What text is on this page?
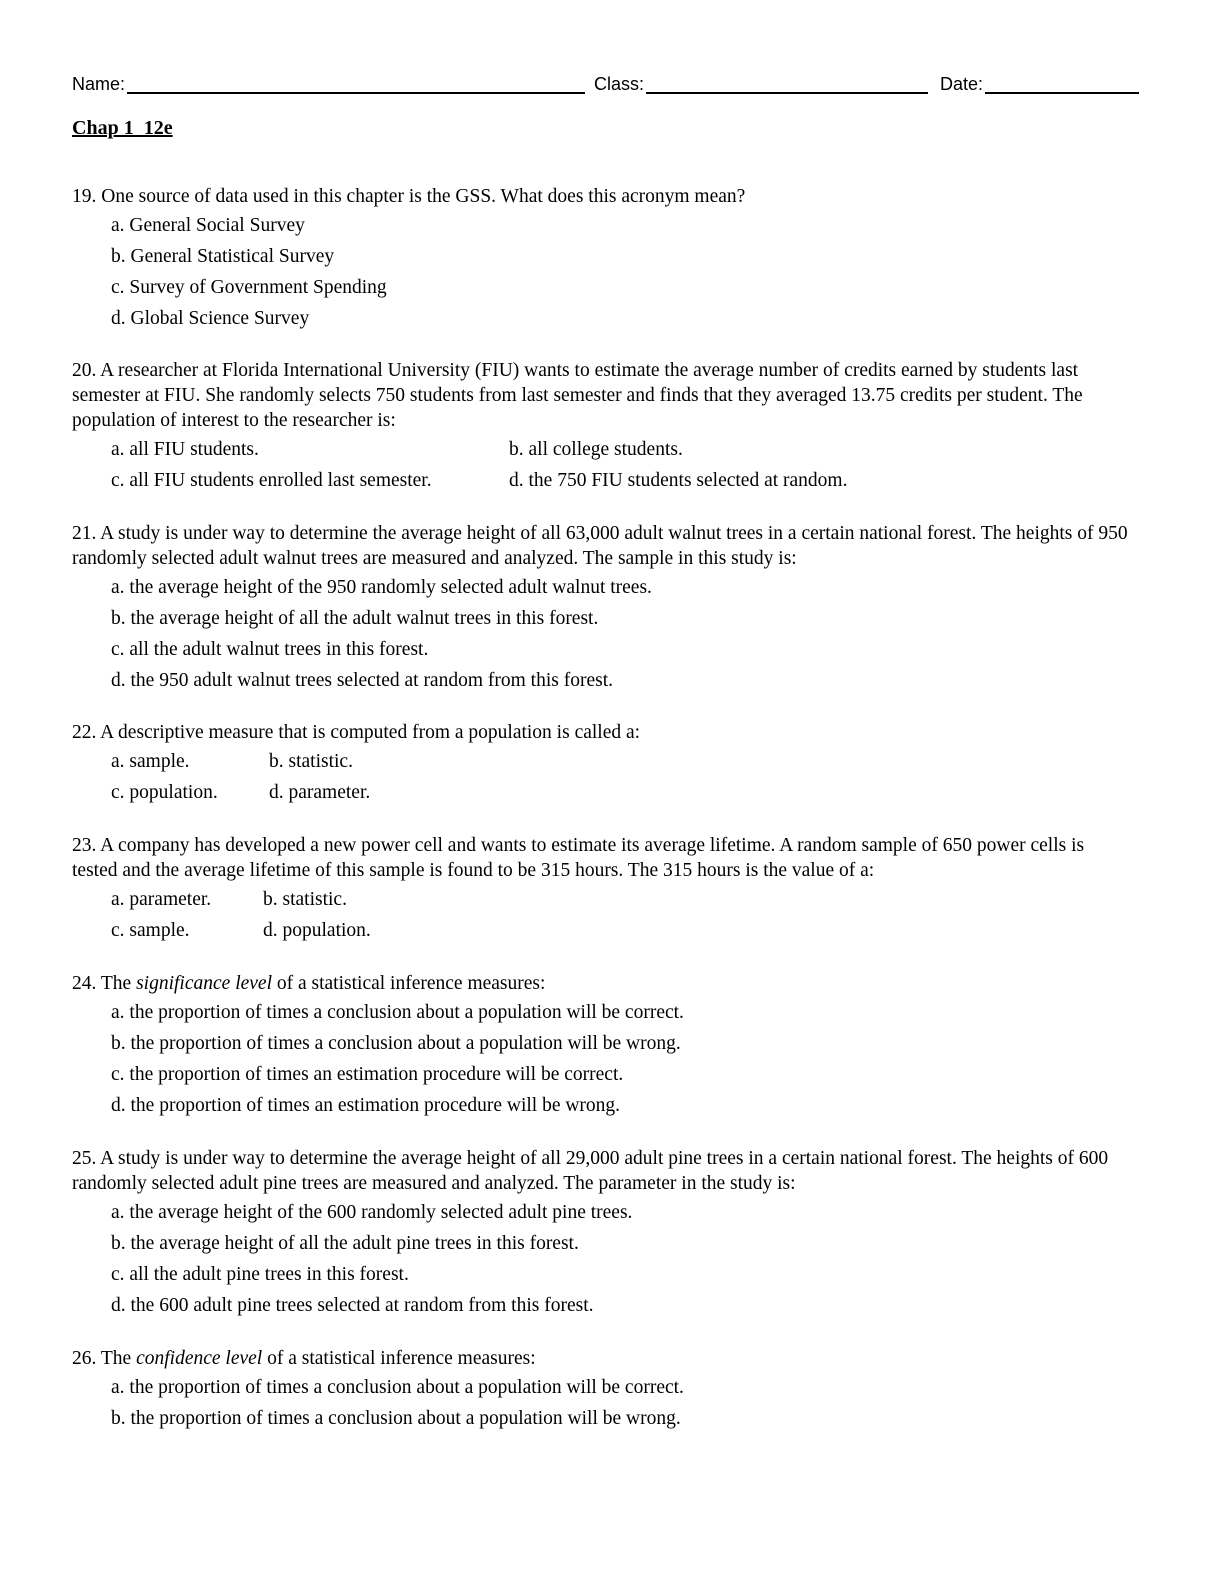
Name:	Class:	Date:
Chap 1_12e
19. One source of data used in this chapter is the GSS. What does this acronym mean?
a. General Social Survey
b. General Statistical Survey
c. Survey of Government Spending
d. Global Science Survey
20. A researcher at Florida International University (FIU) wants to estimate the average number of credits earned by students last semester at FIU. She randomly selects 750 students from last semester and finds that they averaged 13.75 credits per student. The population of interest to the researcher is:
a. all FIU students.	b. all college students.
c. all FIU students enrolled last semester.	d. the 750 FIU students selected at random.
21. A study is under way to determine the average height of all 63,000 adult walnut trees in a certain national forest. The heights of 950 randomly selected adult walnut trees are measured and analyzed. The sample in this study is:
a. the average height of the 950 randomly selected adult walnut trees.
b. the average height of all the adult walnut trees in this forest.
c. all the adult walnut trees in this forest.
d. the 950 adult walnut trees selected at random from this forest.
22. A descriptive measure that is computed from a population is called a:
a. sample.	b. statistic.
c. population.	d. parameter.
23. A company has developed a new power cell and wants to estimate its average lifetime. A random sample of 650 power cells is tested and the average lifetime of this sample is found to be 315 hours. The 315 hours is the value of a:
a. parameter.	b. statistic.
c. sample.	d. population.
24. The significance level of a statistical inference measures:
a. the proportion of times a conclusion about a population will be correct.
b. the proportion of times a conclusion about a population will be wrong.
c. the proportion of times an estimation procedure will be correct.
d. the proportion of times an estimation procedure will be wrong.
25. A study is under way to determine the average height of all 29,000 adult pine trees in a certain national forest. The heights of 600 randomly selected adult pine trees are measured and analyzed. The parameter in the study is:
a. the average height of the 600 randomly selected adult pine trees.
b. the average height of all the adult pine trees in this forest.
c. all the adult pine trees in this forest.
d. the 600 adult pine trees selected at random from this forest.
26. The confidence level of a statistical inference measures:
a. the proportion of times a conclusion about a population will be correct.
b. the proportion of times a conclusion about a population will be wrong.
